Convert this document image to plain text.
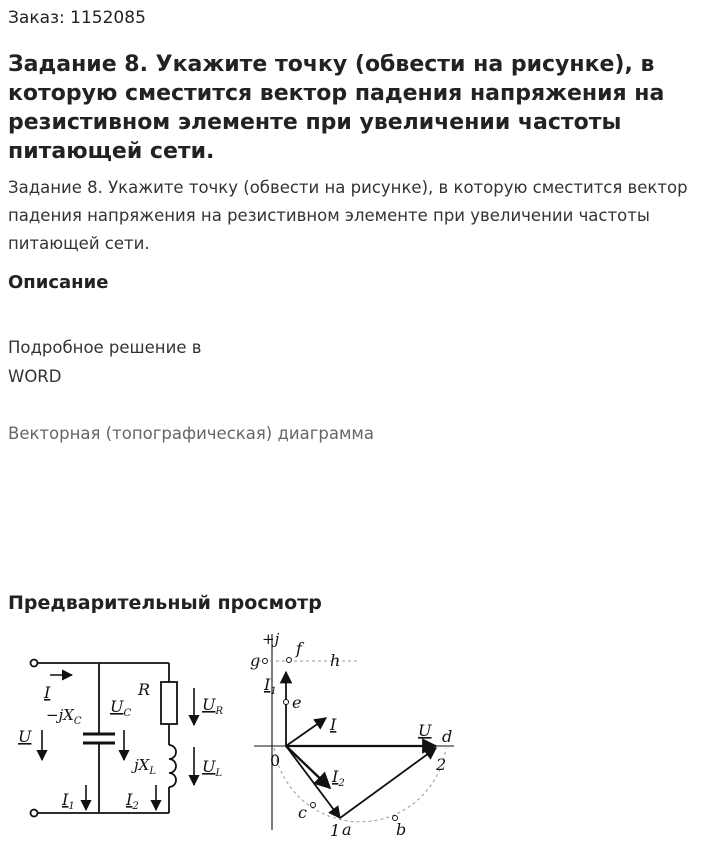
Заказ: 1152085
Задание 8. Укажите точку (обвести на рисунке), в которую сместится вектор падения напряжения на резистивном элементе при увеличении частоты питающей сети.

Задание 8. Укажите точку (обвести на рисунке), в которую сместится вектор падения напряжения на резистивном элементе при увеличении частоты питающей сети.

Описание
Подробное решение в
WORD
Векторная (топографическая) диаграмма
Предварительный просмотр
I
$-jX_C$
U
$U_C$
R
$U_R$
$jX_L$	$U_L$
$I_1$	$I_2$
+j
g
f
h
$I_1$
e
I	U d
0
$I_2$
2
c
1 a	b
